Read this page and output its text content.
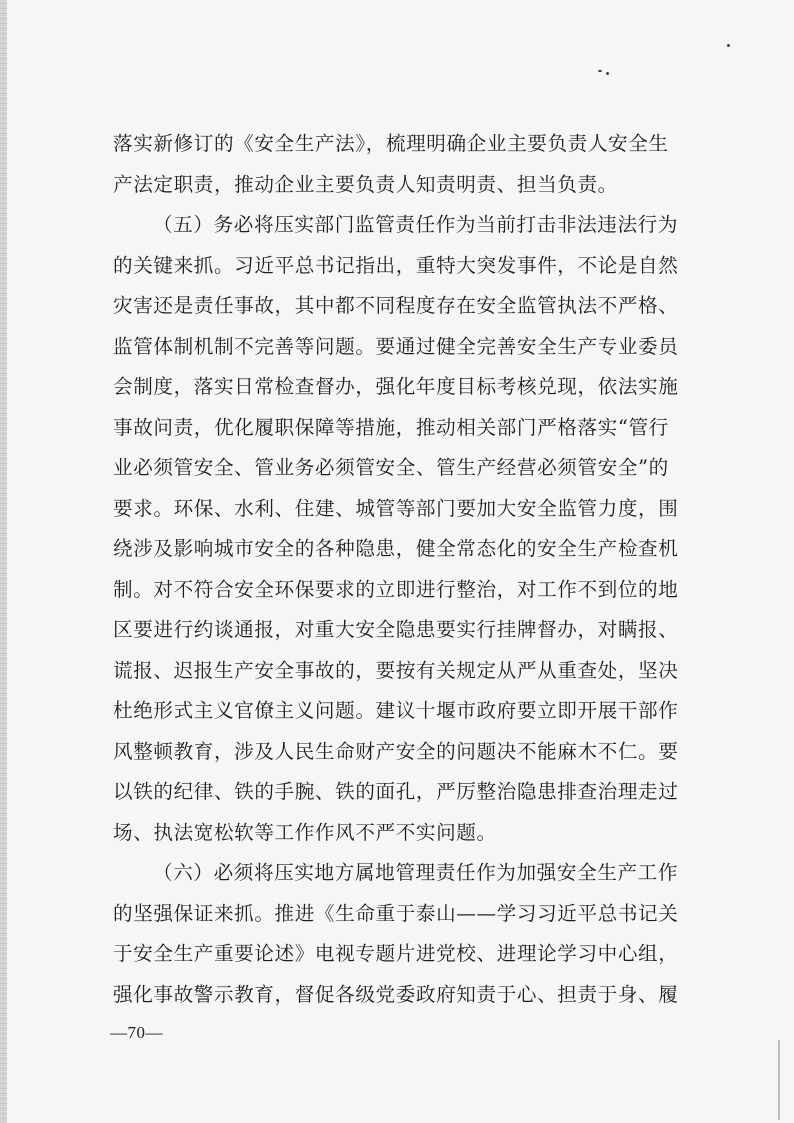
落实新修订的《安全生产法》，梳理明确企业主要负责人安全生
产法定职责，推动企业主要负责人知责明责、担当负责。
（五）务必将压实部门监管责任作为当前打击非法违法行为
的关键来抓。习近平总书记指出，重特大突发事件，不论是自然
灾害还是责任事故，其中都不同程度存在安全监管执法不严格、
监管体制机制不完善等问题。要通过健全完善安全生产专业委员
会制度，落实日常检查督办，强化年度目标考核兑现，依法实施
事故问责，优化履职保障等措施，推动相关部门严格落实“管行
业必须管安全、管业务必须管安全、管生产经营必须管安全”的
要求。环保、水利、住建、城管等部门要加大安全监管力度，围
绕涉及影响城市安全的各种隐患，健全常态化的安全生产检查机
制。对不符合安全环保要求的立即进行整治，对工作不到位的地
区要进行约谈通报，对重大安全隐患要实行挂牌督办，对瞒报、
谎报、迟报生产安全事故的，要按有关规定从严从重查处，坚决
杜绝形式主义官僚主义问题。建议十堰市政府要立即开展干部作
风整顿教育，涉及人民生命财产安全的问题决不能麻木不仁。要
以铁的纪律、铁的手腕、铁的面孔，严厉整治隐患排查治理走过
场、执法宽松软等工作作风不严不实问题。
（六）必须将压实地方属地管理责任作为加强安全生产工作
的坚强保证来抓。推进《生命重于泰山——学习习近平总书记关
于安全生产重要论述》电视专题片进党校、进理论学习中心组，
强化事故警示教育，督促各级党委政府知责于心、担责于身、履
—70—
